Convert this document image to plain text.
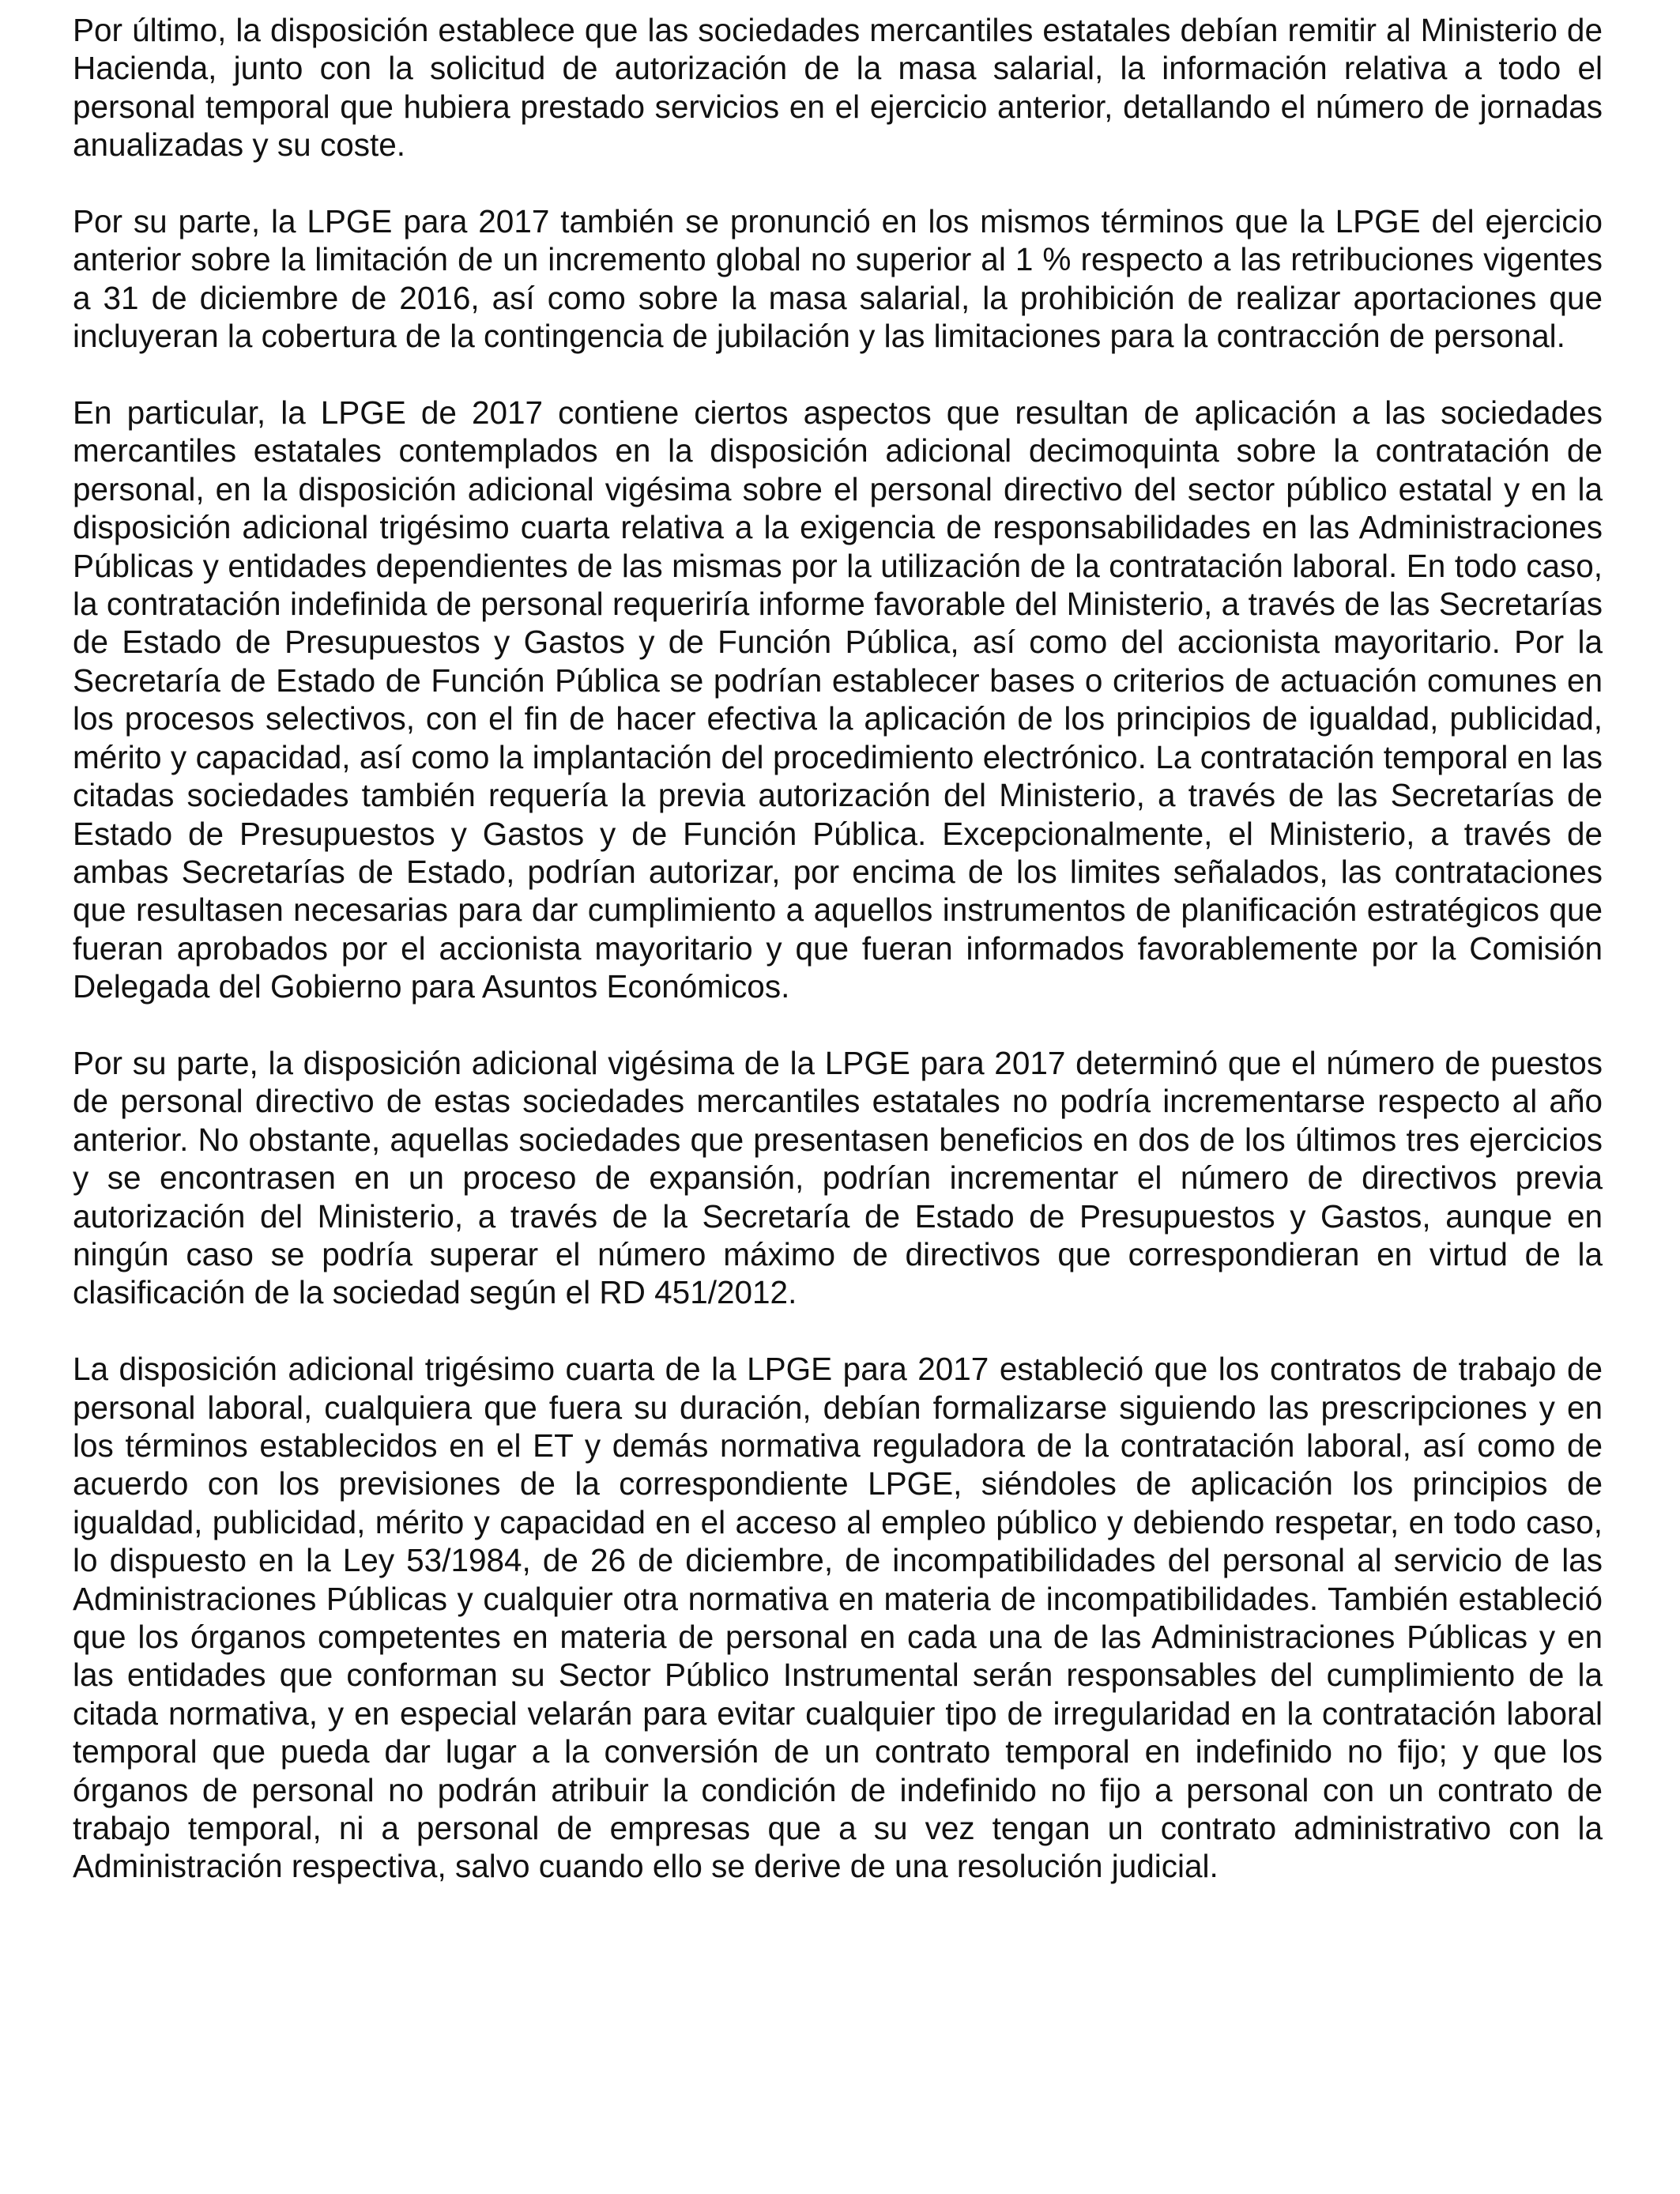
Por último, la disposición establece que las sociedades mercantiles estatales debían remitir al Ministerio de Hacienda, junto con la solicitud de autorización de la masa salarial, la información relativa a todo el personal temporal que hubiera prestado servicios en el ejercicio anterior, detallando el número de jornadas anualizadas y su coste.

Por su parte, la LPGE para 2017 también se pronunció en los mismos términos que la LPGE del ejercicio anterior sobre la limitación de un incremento global no superior al 1 % respecto a las retribuciones vigentes a 31 de diciembre de 2016, así como sobre la masa salarial, la prohibición de realizar aportaciones que incluyeran la cobertura de la contingencia de jubilación y las limitaciones para la contracción de personal.

En particular, la LPGE de 2017 contiene ciertos aspectos que resultan de aplicación a las sociedades mercantiles estatales contemplados en la disposición adicional decimoquinta sobre la contratación de personal, en la disposición adicional vigésima sobre el personal directivo del sector público estatal y en la disposición adicional trigésimo cuarta relativa a la exigencia de responsabilidades en las Administraciones Públicas y entidades dependientes de las mismas por la utilización de la contratación laboral. En todo caso, la contratación indefinida de personal requeriría informe favorable del Ministerio, a través de las Secretarías de Estado de Presupuestos y Gastos y de Función Pública, así como del accionista mayoritario. Por la Secretaría de Estado de Función Pública se podrían establecer bases o criterios de actuación comunes en los procesos selectivos, con el fin de hacer efectiva la aplicación de los principios de igualdad, publicidad, mérito y capacidad, así como la implantación del procedimiento electrónico. La contratación temporal en las citadas sociedades también requería la previa autorización del Ministerio, a través de las Secretarías de Estado de Presupuestos y Gastos y de Función Pública. Excepcionalmente, el Ministerio, a través de ambas Secretarías de Estado, podrían autorizar, por encima de los limites señalados, las contrataciones que resultasen necesarias para dar cumplimiento a aquellos instrumentos de planificación estratégicos que fueran aprobados por el accionista mayoritario y que fueran informados favorablemente por la Comisión Delegada del Gobierno para Asuntos Económicos.

Por su parte, la disposición adicional vigésima de la LPGE para 2017 determinó que el número de puestos de personal directivo de estas sociedades mercantiles estatales no podría incrementarse respecto al año anterior. No obstante, aquellas sociedades que presentasen beneficios en dos de los últimos tres ejercicios y se encontrasen en un proceso de expansión, podrían incrementar el número de directivos previa autorización del Ministerio, a través de la Secretaría de Estado de Presupuestos y Gastos, aunque en ningún caso se podría superar el número máximo de directivos que correspondieran en virtud de la clasificación de la sociedad según el RD 451/2012.

La disposición adicional trigésimo cuarta de la LPGE para 2017 estableció que los contratos de trabajo de personal laboral, cualquiera que fuera su duración, debían formalizarse siguiendo las prescripciones y en los términos establecidos en el ET y demás normativa reguladora de la contratación laboral, así como de acuerdo con los previsiones de la correspondiente LPGE, siéndoles de aplicación los principios de igualdad, publicidad, mérito y capacidad en el acceso al empleo público y debiendo respetar, en todo caso, lo dispuesto en la Ley 53/1984, de 26 de diciembre, de incompatibilidades del personal al servicio de las Administraciones Públicas y cualquier otra normativa en materia de incompatibilidades. También estableció que los órganos competentes en materia de personal en cada una de las Administraciones Públicas y en las entidades que conforman su Sector Público Instrumental serán responsables del cumplimiento de la citada normativa, y en especial velarán para evitar cualquier tipo de irregularidad en la contratación laboral temporal que pueda dar lugar a la conversión de un contrato temporal en indefinido no fijo; y que los órganos de personal no podrán atribuir la condición de indefinido no fijo a personal con un contrato de trabajo temporal, ni a personal de empresas que a su vez tengan un contrato administrativo con la Administración respectiva, salvo cuando ello se derive de una resolución judicial.
